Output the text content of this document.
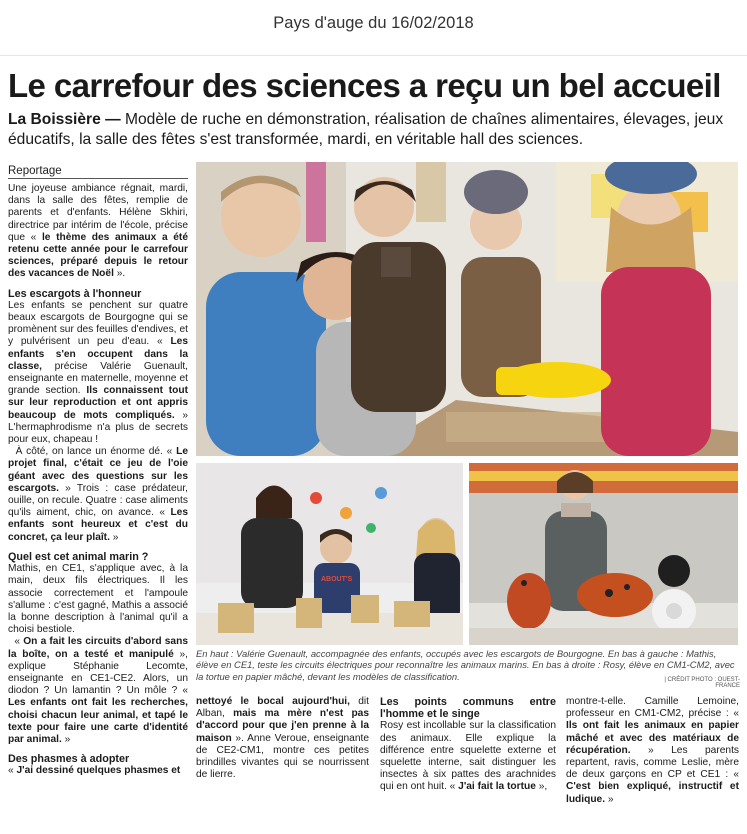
Pays d'auge du 16/02/2018
Le carrefour des sciences a reçu un bel accueil
La Boissière — Modèle de ruche en démonstration, réalisation de chaînes alimentaires, élevages, jeux éducatifs, la salle des fêtes s'est transformée, mardi, en véritable hall des sciences.
Reportage

Une joyeuse ambiance régnait, mardi, dans la salle des fêtes, remplie de parents et d'enfants. Hélène Skhiri, directrice par intérim de l'école, précise que « le thème des animaux a été retenu cette année pour le carrefour sciences, préparé depuis le retour des vacances de Noël ».

Les escargots à l'honneur

Les enfants se penchent sur quatre beaux escargots de Bourgogne qui se promènent sur des feuilles d'endives, et y pulvérisent un peu d'eau. « Les enfants s'en occupent dans la classe, précise Valérie Guenault, enseignante en maternelle, moyenne et grande section. Ils connaissent tout sur leur reproduction et ont appris beaucoup de mots compliqués. » L'hermaphrodisme n'a plus de secrets pour eux, chapeau !

À côté, on lance un énorme dé. « Le projet final, c'était ce jeu de l'oie géant avec des questions sur les escargots. » Trois : case prédateur, ouille, on recule. Quatre : case aliments qu'ils aiment, chic, on avance. « Les enfants sont heureux et c'est du concret, ça leur plaît. »

Quel est cet animal marin ?

Mathis, en CE1, s'applique avec, à la main, deux fils électriques. Il les associe correctement et l'ampoule s'allume : c'est gagné, Mathis a associé la bonne description à l'animal qu'il a choisi bestiole.

« On a fait les circuits d'abord sans la boîte, on a testé et manipulé », explique Stéphanie Lecomte, enseignante en CE1-CE2. Alors, un diodon ? Un lamantin ? Un môle ? « Les enfants ont fait les recherches, choisi chacun leur animal, et tapé le texte pour faire une carte d'identité par animal. »

Des phasmes à adopter

« J'ai dessiné quelques phasmes et

ABOUT'S
En haut : Valérie Guenault, accompagnée des enfants, occupés avec les escargots de Bourgogne. En bas à gauche : Mathis, élève en CE1, teste les circuits électriques pour reconnaître les animaux marins. En bas à droite : Rosy, élève en CM1-CM2, avec la tortue en papier mâché, devant les modèles de classification.	| CRÉDIT PHOTO : OUEST-FRANCE

nettoyé le bocal aujourd'hui, dit Alban, mais ma mère n'est pas d'accord pour que j'en prenne à la maison ». Anne Veroue, enseignante de CE2-CM1, montre ces petites brindilles vivantes qui se nourrissent de lierre.

Les points communs entre l'homme et le singe

Rosy est incollable sur la classification des animaux. Elle explique la différence entre squelette externe et squelette interne, sait distinguer les insectes à six pattes des arachnides qui en ont huit. « J'ai fait la tortue »,

montre-t-elle. Camille Lemoine, professeur en CM1-CM2, précise : « Ils ont fait les animaux en papier mâché et avec des matériaux de récupération. » Les parents repartent, ravis, comme Leslie, mère de deux garçons en CP et CE1 : « C'est bien expliqué, instructif et ludique. »
